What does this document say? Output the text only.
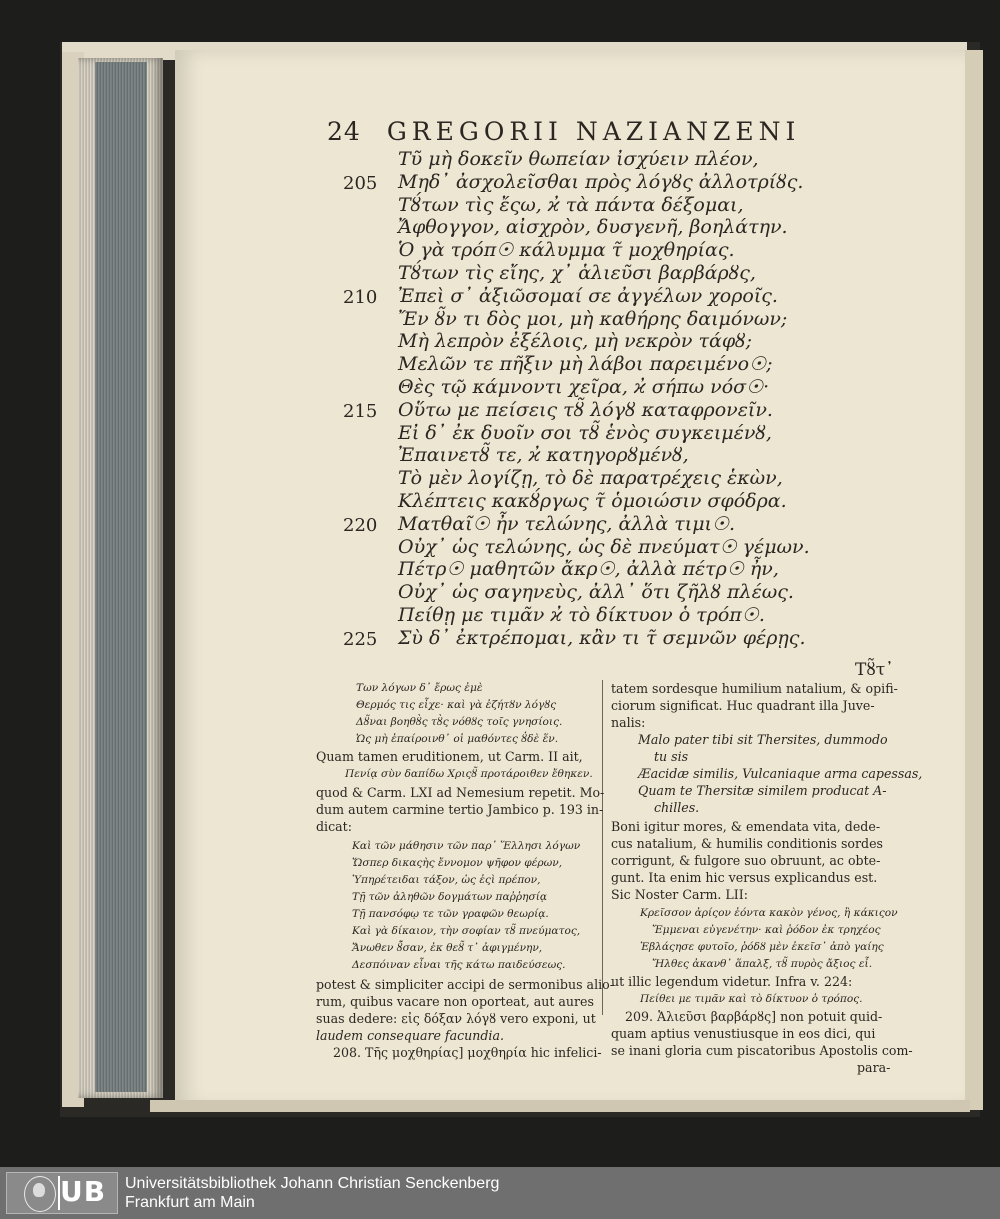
24 GREGORII NAZIANZENI
Τῦ μὴ δοκεῖν θωπείαν ἰσχύειν πλέον,
205 Μηδ᾽ ἀσχολεῖσθαι πρὸς λόγȣς ἀλλοτρίȣς.
Τȣ́των τὶς ἔςω, ϰ̓ τὰ πάντα δέξομαι,
Ἄφθογγον, αἰσχρὸν, δυσγενῆ, βοηλάτην.
Ὁ γὰ τρόπ☉ κάλυμμα τ̃ μοχθηρίας.
Τȣ́των τὶς εἴης, χ᾽ ἁλιεῦσι βαρβάρȣς,
210 Ἐπεὶ σ᾽ ἀξιῶσομαί σε ἀγγέλων χοροῖς.
Ἔν ȣ̃ν τι δὸς μοι, μὴ καθήρης δαιμόνων;
Μὴ λεπρὸν ἐξέλοις, μὴ νεκρὸν τάφȣ;
Μελῶν τε πῆξιν μὴ λάβοι παρειμένο☉;
Θὲς τῷ κάμνοντι χεῖρα, ϰ̓ σήπω νόσ☉·
215 Οὕτω με πείσεις τȣ̃ λόγȣ καταφρονεῖν.
Εἰ δ᾽ ἐκ δυοῖν σοι τȣ̃ ἑνὸς συγκειμένȣ,
Ἐπαινετȣ̃ τε, ϰ̓ κατηγορȣμένȣ,
Τὸ μὲν λογίζῃ, τὸ δὲ παρατρέχεις ἑκὼν,
Κλέπτεις κακȣ́ργως τ̃ ὁμοιώσιν σφόδρα.
220 Ματθαῖ☉ ἦν τελώνης, ἀλλὰ τιμι☉.
Οὐχ᾽ ὡς τελώνης, ὡς δὲ πνεύματ☉ γέμων.
Πέτρ☉ μαθητῶν ἄκρ☉, ἀλλὰ πέτρ☉ ἦν,
Οὐχ᾽ ὡς σαγηνεὺς, ἀλλ᾽ ὅτι ζῆλȣ πλέως.
Πείθῃ με τιμᾶν ϰ̓ τὸ δίκτυον ὁ τρόπ☉.
225 Σὺ δ᾽ ἐκτρέπομαι, κἂν τι τ̃ σεμνῶν φέρῃς.
Τȣ̃τ᾽
Των λόγων δ᾽ ἔρως ἐμὲ
Θερμός τις εἶχε· καὶ γὰ ἐζήτȣν λόγȣς
Δȣ̃ναι βοηθȣ̀ς τȣ̀ς νόθȣς τοῖς γνησίοις.
Ὡς μὴ ἐπαίροινθ᾽ οἱ μαθόντες ȣ̓δὲ ἕν.
Quam tamen eruditionem, ut Carm. II ait,
Πενίᾳ σὺν δαπίδω Χριςȣ̃ προτάροιθεν ἔθηκεν.
quod & Carm. LXI ad Nemesium repetit. Mo-
dum autem carmine tertio Jambico p. 193 in-
dicat:
Καὶ τῶν μάθησιν τῶν παρ᾽ Ἕλλησι λόγων
Ὥσπερ δικαςὴς ἔννομον ψῆφον φέρων,
Ὑπηρέτειδαι τάξον, ὡς ἐςὶ πρέπον,
Τῇ τῶν ἀληθῶν δογμάτων παῤῥησίᾳ
Τῇ πανσόφῳ τε τῶν γραφῶν θεωρίᾳ.
Καὶ γὰ δίκαιον, τὴν σοφίαν τȣ̃ πνεύματος,
Ἄνωθεν ȣ̓̃σαν, ἐκ θεȣ̃ τ᾽ ἀφιγμένην,
Δεσπόιναν εἶναι τῆς κάτω παιδεύσεως.
potest & simpliciter accipi de sermonibus alio-
rum, quibus vacare non oporteat, aut aures
suas dedere: εἰς δόξαν λόγȣ vero exponi, ut
laudem consequare facundia.
208. Τῆς μοχθηρίας] μοχθηρία hic infelici-
tatem sordesque humilium natalium, & opifi-
ciorum significat. Huc quadrant illa Juve-
nalis:
Malo pater tibi sit Thersites, dummodo
tu sis
Æacidæ similis, Vulcaniaque arma capessas,
Quam te Thersitæ similem producat A-
chilles.
Boni igitur mores, & emendata vita, dede-
cus natalium, & humilis conditionis sordes
corrigunt, & fulgore suo obruunt, ac obte-
gunt. Ita enim hic versus explicandus est.
Sic Noster Carm. LII:
Κρεῖσσον ἀρίςον ἐόντα κακὸν γένος, ἢ κάκιςον
Ἔμμεναι εὐγενέτην· καὶ ῥόδον ἐκ τρηχέος
Ἐβλάςησε φυτοῖο, ῥόδȣ μὲν ἐκεῖσ᾽ ἀπὸ γαίης
Ἤλθες ἀκανθ᾽ ἅπαλξ, τȣ̃ πυρὸς ἄξιος εἶ.
ut illic legendum videtur. Infra v. 224:
Πείθει με τιμᾶν καὶ τὸ δίκτυον ὁ τρόπος.
209. Ἁλιεῦσι βαρβάρȣς] non potuit quid-
quam aptius venustiusque in eos dici, qui
se inani gloria cum piscatoribus Apostolis com-
para-
UB Universitätsbibliothek Johann Christian Senckenberg
Frankfurt am Main
